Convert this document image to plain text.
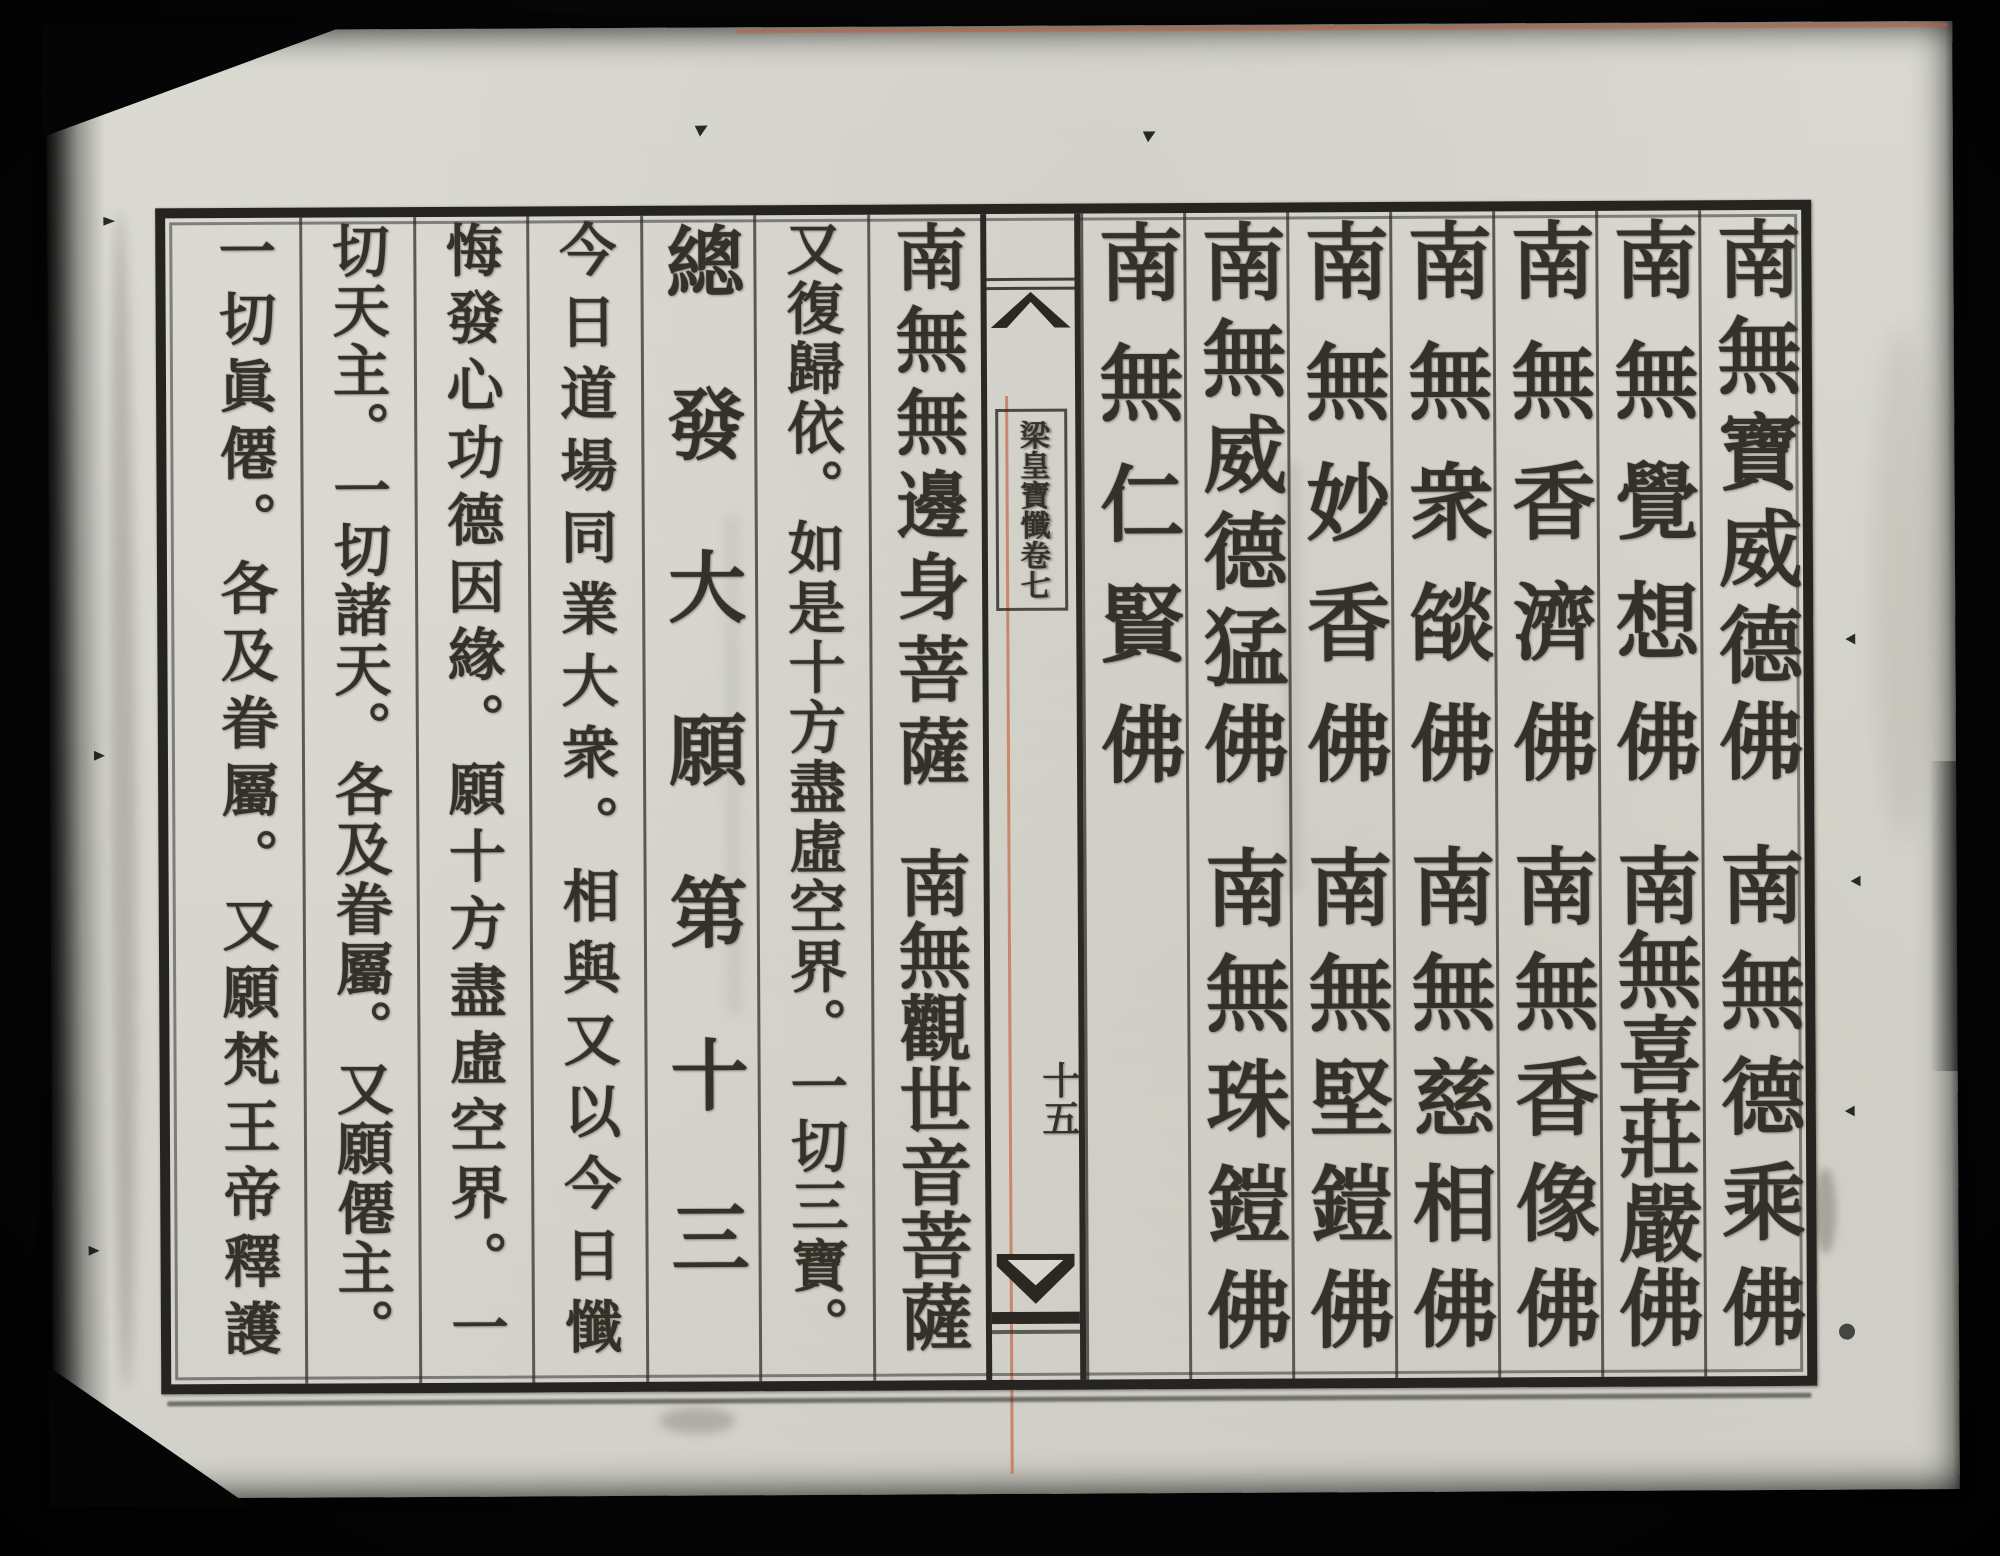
南無寶威德佛
南無德乘佛
南無覺想佛
南無喜莊嚴佛
南無香濟佛
南無香像佛
南無衆燄佛
南無慈相佛
南無妙香佛
南無堅鎧佛
南無威德猛佛
南無珠鎧佛
南無仁賢佛
梁皇寶懺卷七
十五
南無無邊身菩薩
南無觀世音菩薩
又復歸依。如是十方盡虛空界。一切三寶。
總發大願第十三
今日道場同業大衆。相與又以今日懺
悔發心功德因緣。願十方盡虛空界。一
切天主。一切諸天。各及眷屬。又願僊主。
一切眞僊。各及眷屬。又願梵王帝釋護
